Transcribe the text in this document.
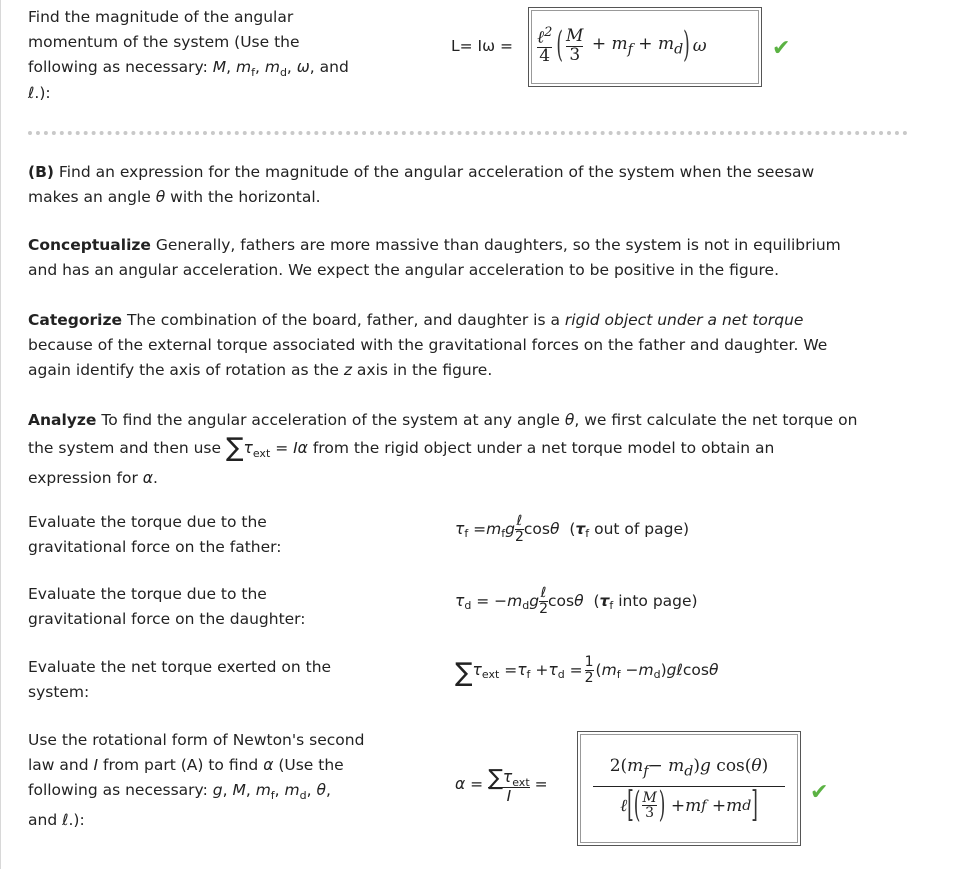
Find the magnitude of the angular
momentum of the system (Use the
following as necessary: M, $m_f$, $m_d$, ω, and
ℓ.):
$L= I\omega = \frac{\ell^2}{4}$ ( $\frac{M}{3} + m_f + m_d$ ) ω	✔
(B) Find an expression for the magnitude of the angular acceleration of the system when the seesaw
makes an angle θ with the horizontal.
Conceptualize Generally, fathers are more massive than daughters, so the system is not in equilibrium
and has an angular acceleration. We expect the angular acceleration to be positive in the figure.
Categorize The combination of the board, father, and daughter is a rigid object under a net torque
because of the external torque associated with the gravitational forces on the father and daughter. We
again identify the axis of rotation as the z axis in the figure.
Analyze To find the angular acceleration of the system at any angle θ, we first calculate the net torque on
the system and then use $\sum\tau_{ext} = I\alpha$ from the rigid object under a net torque model to obtain an
expression for α.
Evaluate the torque due to the
gravitational force on the father:
τ f = m f g $\frac{\text{ℓ}}{2}$ cos θ ( τ f out of page)
Evaluate the torque due to the
gravitational force on the daughter:
τ d = − m d g $\frac{\text{ℓ}}{2}$ cos θ ( τ f into page)
Evaluate the net torque exerted on the
system:
∑ τ ext = τ f + τ $d = \frac{1}{2}$ ( m f − m d ) gℓ cos θ
Use the rotational form of Newton's second
law and I from part (A) to find α (Use the
following as necessary: g, M, $m_f$, $m_d$, θ,
and ℓ.):
$\alpha = \frac{\sum\tau_{ext}}{I}$ =
$2(m_f- m_d)g$ cos(θ)
ℓ [ ( $\frac{M}{3}$ ) + m f + m d ] ✔
